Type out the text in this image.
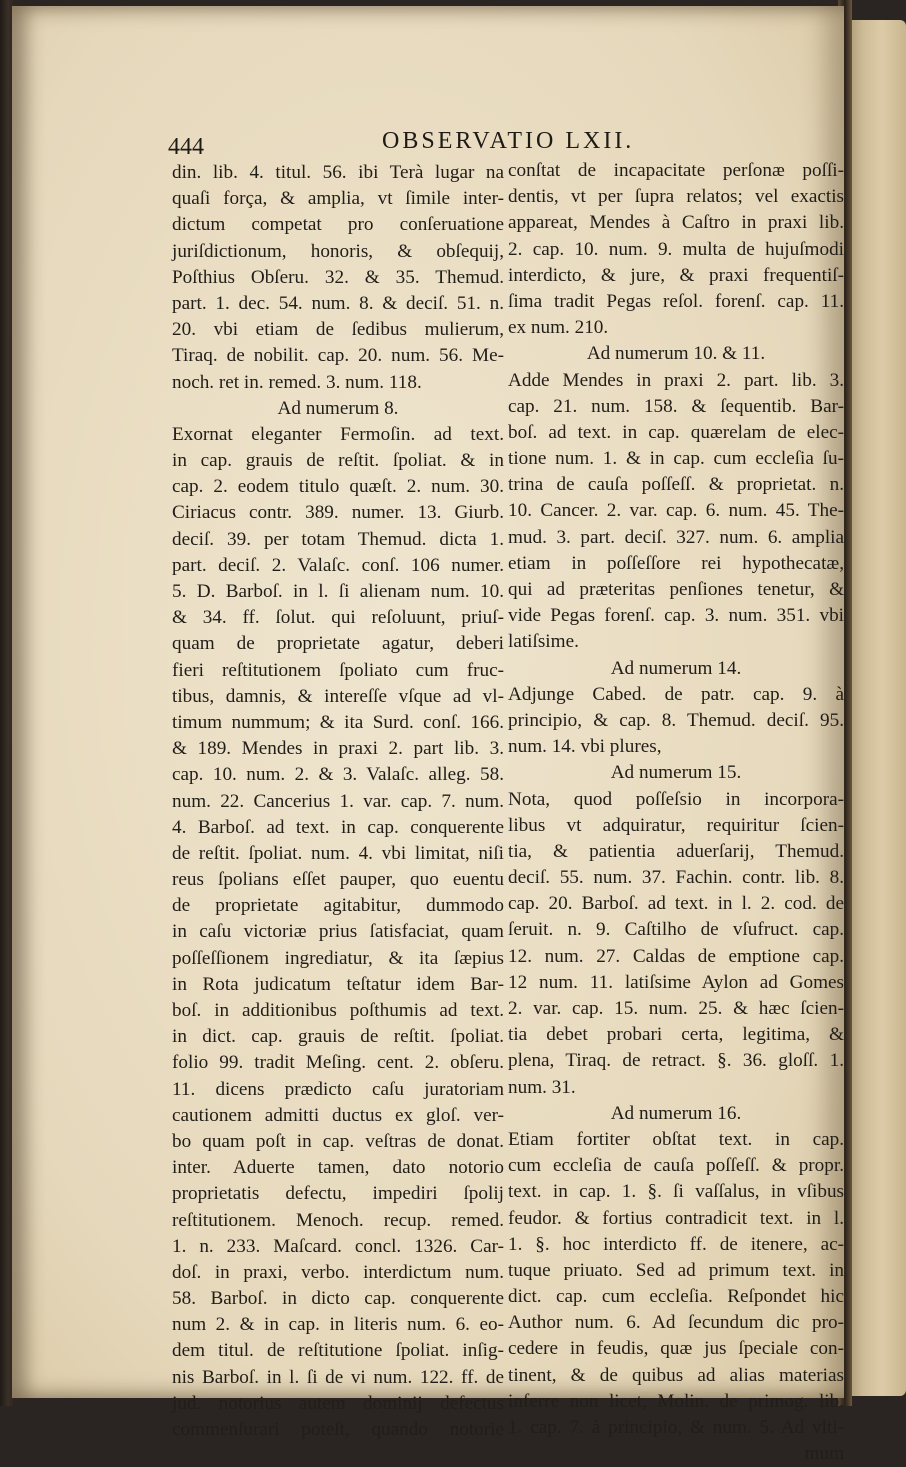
444	OBSERVATIO LXII.
din. lib. 4. titul. 56. ibi Terà lugar na
quaſi força, & amplia, vt ſimile inter-
dictum competat pro conſeruatione
juriſdictionum, honoris, & obſequij,
Poſthius Obſeru. 32. & 35. Themud.
part. 1. dec. 54. num. 8. & deciſ. 51. n.
20. vbi etiam de ſedibus mulierum,
Tiraq. de nobilit. cap. 20. num. 56. Me-
noch. ret in. remed. 3. num. 118.
Ad numerum 8.
Exornat eleganter Fermoſin. ad text.
in cap. grauis de reſtit. ſpoliat. & in
cap. 2. eodem titulo quæſt. 2. num. 30.
Ciriacus contr. 389. numer. 13. Giurb.
deciſ. 39. per totam Themud. dicta 1.
part. deciſ. 2. Valaſc. conſ. 106 numer.
5. D. Barboſ. in l. ſi alienam num. 10.
& 34. ff. ſolut. qui reſoluunt, priuſ-
quam de proprietate agatur, deberi
fieri reſtitutionem ſpoliato cum fruc-
tibus, damnis, & intereſſe vſque ad vl-
timum nummum; & ita Surd. conſ. 166.
& 189. Mendes in praxi 2. part lib. 3.
cap. 10. num. 2. & 3. Valaſc. alleg. 58.
num. 22. Cancerius 1. var. cap. 7. num.
4. Barboſ. ad text. in cap. conquerente
de reſtit. ſpoliat. num. 4. vbi limitat, niſi
reus ſpolians eſſet pauper, quo euentu
de proprietate agitabitur, dummodo
in caſu victoriæ prius ſatisfaciat, quam
poſſeſſionem ingrediatur, & ita ſæpius
in Rota judicatum teſtatur idem Bar-
boſ. in additionibus poſthumis ad text.
in dict. cap. grauis de reſtit. ſpoliat.
folio 99. tradit Meſing. cent. 2. obſeru.
11. dicens prædicto caſu juratoriam
cautionem admitti ductus ex gloſ. ver-
bo quam poſt in cap. veſtras de donat.
inter. Aduerte tamen, dato notorio
proprietatis defectu, impediri ſpolij
reſtitutionem. Menoch. recup. remed.
1. n. 233. Maſcard. concl. 1326. Car-
doſ. in praxi, verbo. interdictum num.
58. Barboſ. in dicto cap. conquerente
num 2. & in cap. in literis num. 6. eo-
dem titul. de reſtitutione ſpoliat. inſig-
nis Barboſ. in l. ſi de vi num. 122. ff. de
jud. notorius autem dominij defectus
commenſurari poteſt, quando notorie
conſtat de incapacitate perſonæ poſſi-
dentis, vt per ſupra relatos; vel exactis
appareat, Mendes à Caſtro in praxi lib.
2. cap. 10. num. 9. multa de hujuſmodi
interdicto, & jure, & praxi frequentiſ-
ſima tradit Pegas reſol. forenſ. cap. 11.
ex num. 210.
Ad numerum 10. & 11.
Adde Mendes in praxi 2. part. lib. 3.
cap. 21. num. 158. & ſequentib. Bar-
boſ. ad text. in cap. quærelam de elec-
tione num. 1. & in cap. cum eccleſia ſu-
trina de cauſa poſſeſſ. & proprietat. n.
10. Cancer. 2. var. cap. 6. num. 45. The-
mud. 3. part. deciſ. 327. num. 6. amplia
etiam in poſſeſſore rei hypothecatæ,
qui ad præteritas penſiones tenetur, &
vide Pegas forenſ. cap. 3. num. 351. vbi
latiſsime.
Ad numerum 14.
Adjunge Cabed. de patr. cap. 9. à
principio, & cap. 8. Themud. deciſ. 95.
num. 14. vbi plures,
Ad numerum 15.
Nota, quod poſſeſsio in incorpora-
libus vt adquiratur, requiritur ſcien-
tia, & patientia aduerſarij, Themud.
deciſ. 55. num. 37. Fachin. contr. lib. 8.
cap. 20. Barboſ. ad text. in l. 2. cod. de
ſeruit. n. 9. Caſtilho de vſufruct. cap.
12. num. 27. Caldas de emptione cap.
12 num. 11. latiſsime Aylon ad Gomes
2. var. cap. 15. num. 25. & hæc ſcien-
tia debet probari certa, legitima, &
plena, Tiraq. de retract. §. 36. gloſſ. 1.
num. 31.
Ad numerum 16.
Etiam fortiter obſtat text. in cap.
cum eccleſia de cauſa poſſeſſ. & propr.
text. in cap. 1. §. ſi vaſſalus, in vſibus
feudor. & fortius contradicit text. in l.
1. §. hoc interdicto ff. de itenere, ac-
tuque priuato. Sed ad primum text. in
dict. cap. cum eccleſia. Reſpondet hic
Author num. 6. Ad ſecundum dic pro-
cedere in feudis, quæ jus ſpeciale con-
tinent, & de quibus ad alias materias
inferre non licet, Molin. de primog. lib.
1. cap. 7. à principio, & num. 5. Ad vlti-
mum
